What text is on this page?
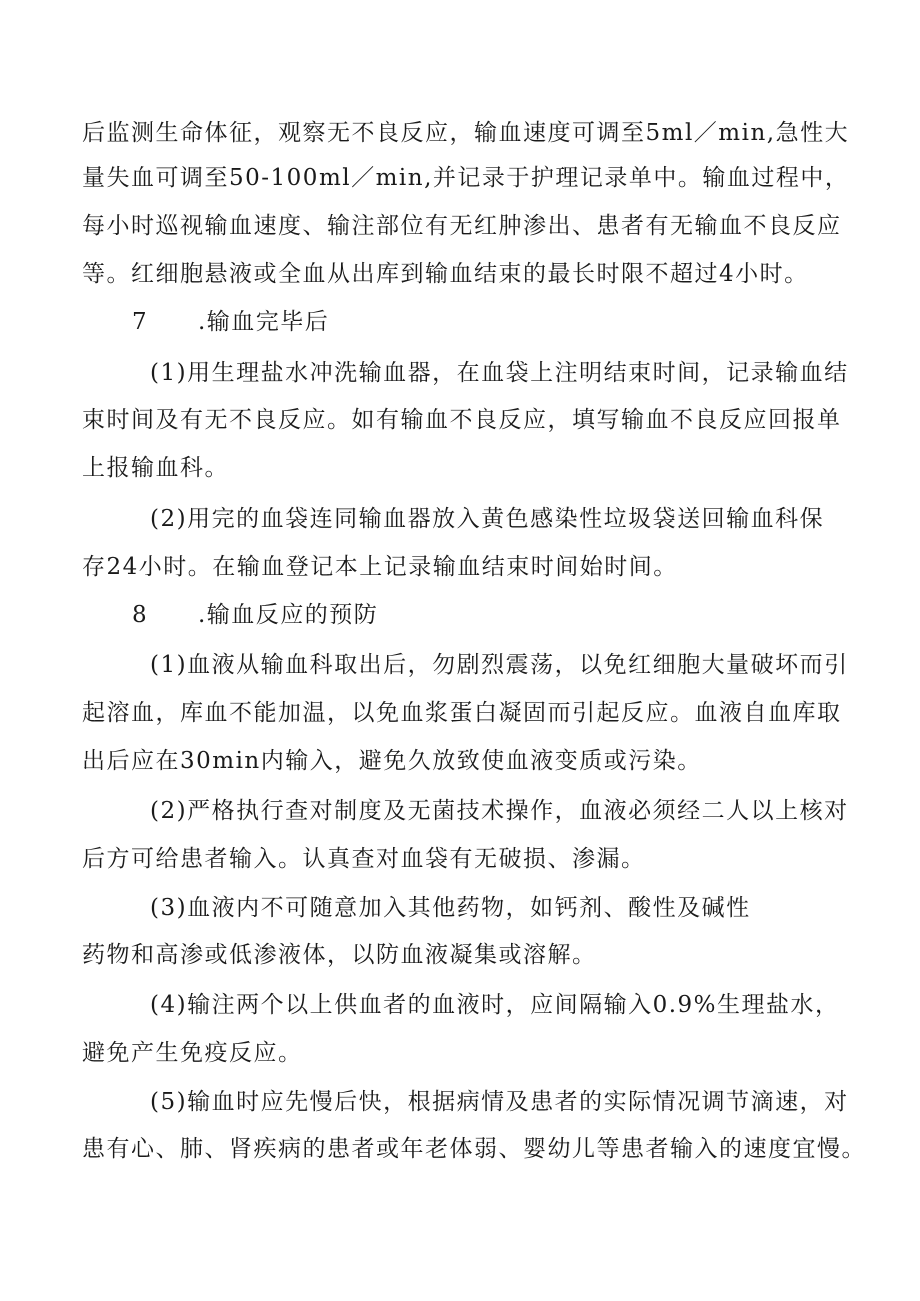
后监测生命体征，观察无不良反应，输血速度可调至5ml／min,急性大
量失血可调至50-100ml／min,并记录于护理记录单中。输血过程中，
每小时巡视输血速度、输注部位有无红肿渗出、患者有无输血不良反应
等。红细胞悬液或全血从出库到输血结束的最长时限不超过4小时。
7 .输血完毕后
(1)用生理盐水冲洗输血器，在血袋上注明结束时间，记录输血结
束时间及有无不良反应。如有输血不良反应，填写输血不良反应回报单
上报输血科。
(2)用完的血袋连同输血器放入黄色感染性垃圾袋送回输血科保
存24小时。在输血登记本上记录输血结束时间始时间。
8 .输血反应的预防
(1)血液从输血科取出后，勿剧烈震荡，以免红细胞大量破坏而引
起溶血，库血不能加温，以免血浆蛋白凝固而引起反应。血液自血库取
出后应在30min内输入，避免久放致使血液变质或污染。
(2)严格执行查对制度及无菌技术操作，血液必须经二人以上核对
后方可给患者输入。认真查对血袋有无破损、渗漏。
(3)血液内不可随意加入其他药物，如钙剂、酸性及碱性
药物和高渗或低渗液体，以防血液凝集或溶解。
(4)输注两个以上供血者的血液时，应间隔输入0.9%生理盐水，
避免产生免疫反应。
(5)输血时应先慢后快，根据病情及患者的实际情况调节滴速，对
患有心、肺、肾疾病的患者或年老体弱、婴幼儿等患者输入的速度宜慢。
